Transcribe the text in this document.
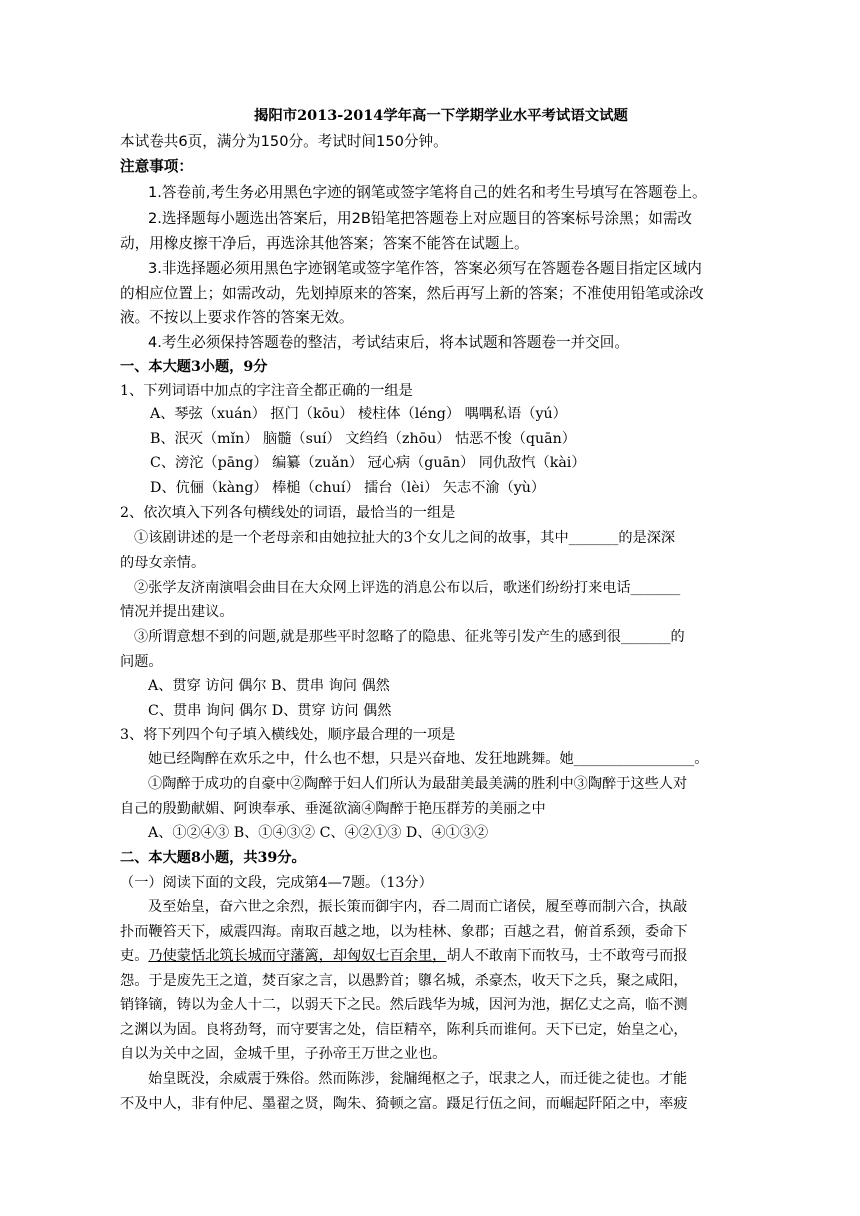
揭阳市2013-2014学年高一下学期学业水平考试语文试题
本试卷共6页，满分为150分。考试时间150分钟。
注意事项：
1.答卷前,考生务必用黑色字迹的钢笔或签字笔将自己的姓名和考生号填写在答题卷上。
2.选择题每小题选出答案后，用2B铅笔把答题卷上对应题目的答案标号涂黑；如需改
动，用橡皮擦干净后，再选涂其他答案；答案不能答在试题上。
3.非选择题必须用黑色字迹钢笔或签字笔作答，答案必须写在答题卷各题目指定区域内
的相应位置上；如需改动，先划掉原来的答案，然后再写上新的答案；不准使用铅笔或涂改
液。不按以上要求作答的答案无效。
4.考生必须保持答题卷的整洁，考试结束后，将本试题和答题卷一并交回。
一、本大题3小题，9分
1、下列词语中加点的字注音全都正确的一组是
A、琴弦（xuán） 抠门（kōu） 棱柱体（léng） 喁喁私语（yú）
B、泯灭（mǐn） 脑髓（suí） 文绉绉（zhōu） 怙恶不悛（quān）
C、滂沱（pāng） 编纂（zuǎn） 冠心病（guān） 同仇敌忾（kài）
D、伉俪（kàng） 棒槌（chuí） 擂台（lèi） 矢志不渝（yù）
2、依次填入下列各句横线处的词语，最恰当的一组是
①该剧讲述的是一个老母亲和由她拉扯大的3个女儿之间的故事，其中_______的是深深
的母女亲情。
②张学友济南演唱会曲目在大众网上评选的消息公布以后，歌迷们纷纷打来电话_______
情况并提出建议。
③所谓意想不到的问题,就是那些平时忽略了的隐患、征兆等引发产生的感到很_______的
问题。
A、贯穿 访问 偶尔 B、贯串 询问 偶然
C、贯串 询问 偶尔 D、贯穿 访问 偶然
3、将下列四个句子填入横线处，顺序最合理的一项是
她已经陶醉在欢乐之中，什么也不想，只是兴奋地、发狂地跳舞。她_________________。
①陶醉于成功的自豪中②陶醉于妇人们所认为最甜美最美满的胜利中③陶醉于这些人对
自己的殷勤献媚、阿谀奉承、垂涎欲滴④陶醉于艳压群芳的美丽之中
A、①②④③ B、①④③② C、④②①③ D、④①③②
二、本大题8小题，共39分。
（一）阅读下面的文段，完成第4—7题。（13分）
及至始皇，奋六世之余烈，振长策而御宇内，吞二周而亡诸侯，履至尊而制六合，执敲
扑而鞭笞天下，威震四海。南取百越之地，以为桂林、象郡；百越之君，俯首系颈，委命下
吏。乃使蒙恬北筑长城而守藩篱，却匈奴七百余里，胡人不敢南下而牧马，士不敢弯弓而报
怨。于是废先王之道，焚百家之言，以愚黔首；隳名城，杀豪杰，收天下之兵，聚之咸阳，
销锋镝，铸以为金人十二，以弱天下之民。然后践华为城，因河为池，据亿丈之高，临不测
之渊以为固。良将劲弩，而守要害之处，信臣精卒，陈利兵而谁何。天下已定，始皇之心，
自以为关中之固，金城千里，子孙帝王万世之业也。
始皇既没，余威震于殊俗。然而陈涉，瓮牖绳枢之子，氓隶之人，而迁徙之徒也。才能
不及中人，非有仲尼、墨翟之贤，陶朱、猗顿之富。蹑足行伍之间，而崛起阡陌之中，率疲
